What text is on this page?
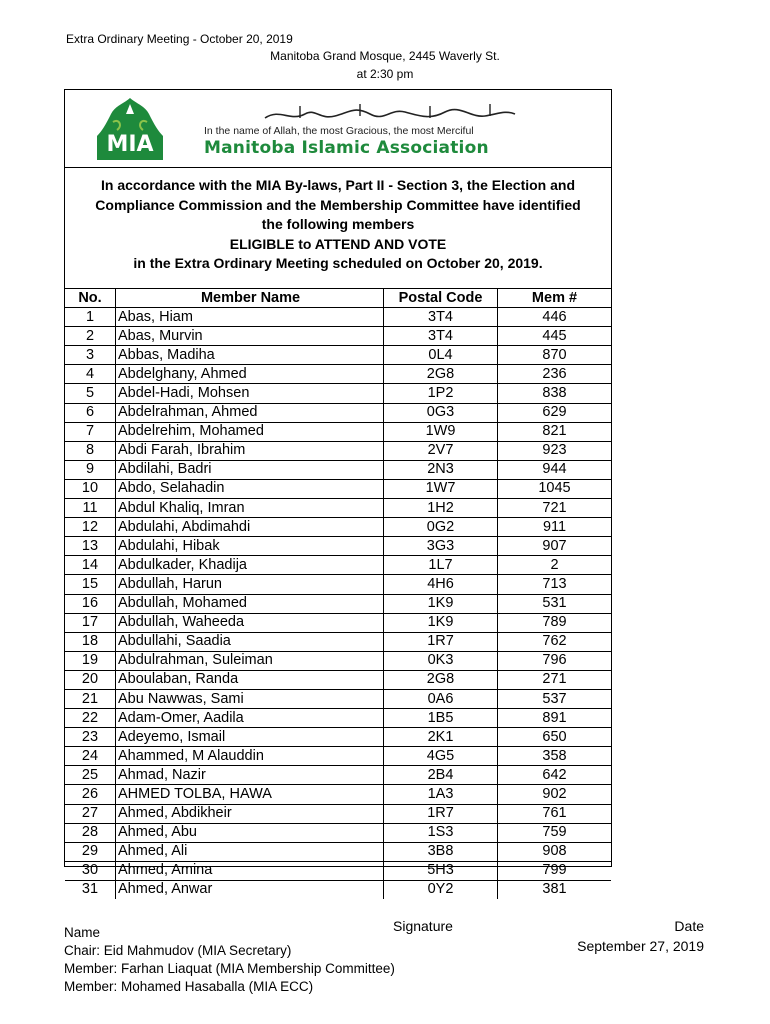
Extra Ordinary Meeting - October 20, 2019
Manitoba Grand Mosque, 2445 Waverly St.
at 2:30 pm
MIA
In the name of Allah, the most Gracious, the most Merciful
Manitoba Islamic Association
In accordance with the MIA By-laws, Part II - Section 3, the Election and
Compliance Commission and the Membership Committee have identified
the following members
ELIGIBLE to ATTEND AND VOTE
in the Extra Ordinary Meeting scheduled on October 20, 2019.
No.	Member Name	Postal Code	Mem #
1	Abas, Hiam	3T4	446
2	Abas, Murvin	3T4	445
3	Abbas, Madiha	0L4	870
4	Abdelghany, Ahmed	2G8	236
5	Abdel-Hadi, Mohsen	1P2	838
6	Abdelrahman, Ahmed	0G3	629
7	Abdelrehim, Mohamed	1W9	821
8	Abdi Farah, Ibrahim	2V7	923
9	Abdilahi, Badri	2N3	944
10	Abdo, Selahadin	1W7	1045
11	Abdul Khaliq, Imran	1H2	721
12	Abdulahi, Abdimahdi	0G2	911
13	Abdulahi, Hibak	3G3	907
14	Abdulkader, Khadija	1L7	2
15	Abdullah, Harun	4H6	713
16	Abdullah, Mohamed	1K9	531
17	Abdullah, Waheeda	1K9	789
18	Abdullahi, Saadia	1R7	762
19	Abdulrahman, Suleiman	0K3	796
20	Aboulaban, Randa	2G8	271
21	Abu Nawwas, Sami	0A6	537
22	Adam-Omer, Aadila	1B5	891
23	Adeyemo, Ismail	2K1	650
24	Ahammed, M Alauddin	4G5	358
25	Ahmad, Nazir	2B4	642
26	AHMED TOLBA, HAWA	1A3	902
27	Ahmed, Abdikheir	1R7	761
28	Ahmed, Abu	1S3	759
29	Ahmed, Ali	3B8	908
30	Ahmed, Amina	5H3	799
31	Ahmed, Anwar	0Y2	381
Signature	Date
September 27, 2019
Name
Chair: Eid Mahmudov (MIA Secretary)
Member: Farhan Liaquat (MIA Membership Committee)
Member: Mohamed Hasaballa (MIA ECC)
